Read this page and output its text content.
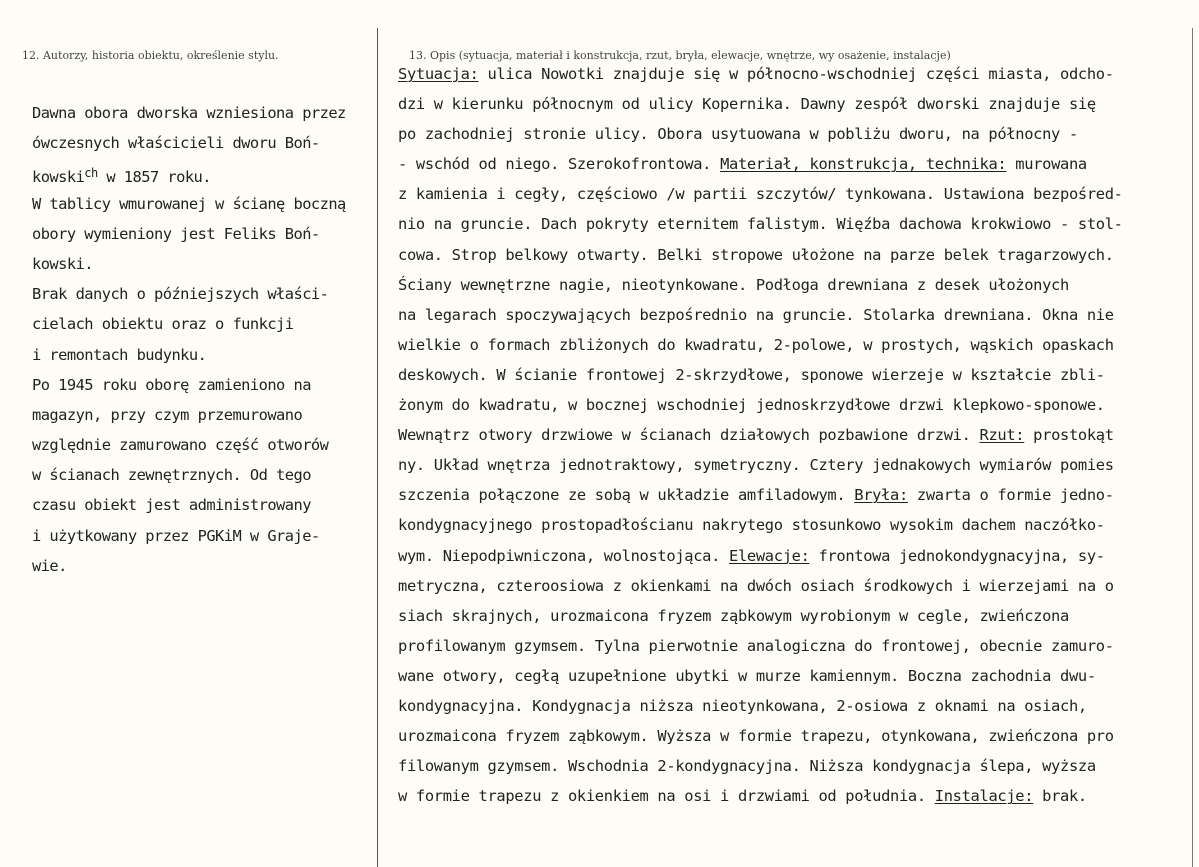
12. Autorzy, historia obiektu, określenie stylu.	13. Opis (sytuacja, materiał i konstrukcja, rzut, bryła, elewacje, wnętrze, wy osażenie, instalacje)
Dawna obora dworska wzniesiona przez
ówczesnych właścicieli dworu Boń-
kowski$^{ch}$ w 1857 roku.
W tablicy wmurowanej w ścianę boczną
obory wymieniony jest Feliks Boń-
kowski.
Brak danych o późniejszych właści-
cielach obiektu oraz o funkcji
i remontach budynku.
Po 1945 roku oborę zamieniono na
magazyn, przy czym przemurowano
względnie zamurowano część otworów
w ścianach zewnętrznych. Od tego
czasu obiekt jest administrowany
i użytkowany przez PGKiM w Graje-
wie.
Sytuacja: ulica Nowotki znajduje się w północno-wschodniej części miasta, odcho-
dzi w kierunku północnym od ulicy Kopernika. Dawny zespół dworski znajduje się
po zachodniej stronie ulicy. Obora usytuowana w pobliżu dworu, na północny -
- wschód od niego. Szerokofrontowa. Materiał, konstrukcja, technika: murowana
z kamienia i cegły, częściowo /w partii szczytów/ tynkowana. Ustawiona bezpośred-
nio na gruncie. Dach pokryty eternitem falistym. Więźba dachowa krokwiowo - stol-
cowa. Strop belkowy otwarty. Belki stropowe ułożone na parze belek tragarzowych.
Ściany wewnętrzne nagie, nieotynkowane. Podłoga drewniana z desek ułożonych
na legarach spoczywających bezpośrednio na gruncie. Stolarka drewniana. Okna nie
wielkie o formach zbliżonych do kwadratu, 2-polowe, w prostych, wąskich opaskach
deskowych. W ścianie frontowej 2-skrzydłowe, sponowe wierzeje w kształcie zbli-
żonym do kwadratu, w bocznej wschodniej jednoskrzydłowe drzwi klepkowo-sponowe.
Wewnątrz otwory drzwiowe w ścianach działowych pozbawione drzwi. Rzut: prostokąt
ny. Układ wnętrza jednotraktowy, symetryczny. Cztery jednakowych wymiarów pomies
szczenia połączone ze sobą w układzie amfiladowym. Bryła: zwarta o formie jedno-
kondygnacyjnego prostopadłościanu nakrytego stosunkowo wysokim dachem naczółko-
wym. Niepodpiwniczona, wolnostojąca. Elewacje: frontowa jednokondygnacyjna, sy-
metryczna, czteroosiowa z okienkami na dwóch osiach środkowych i wierzejami na o
siach skrajnych, urozmaicona fryzem ząbkowym wyrobionym w cegle, zwieńczona
profilowanym gzymsem. Tylna pierwotnie analogiczna do frontowej, obecnie zamuro-
wane otwory, cegłą uzupełnione ubytki w murze kamiennym. Boczna zachodnia dwu-
kondygnacyjna. Kondygnacja niższa nieotynkowana, 2-osiowa z oknami na osiach,
urozmaicona fryzem ząbkowym. Wyższa w formie trapezu, otynkowana, zwieńczona pro
filowanym gzymsem. Wschodnia 2-kondygnacyjna. Niższa kondygnacja ślepa, wyższa
w formie trapezu z okienkiem na osi i drzwiami od południa. Instalacje: brak.
